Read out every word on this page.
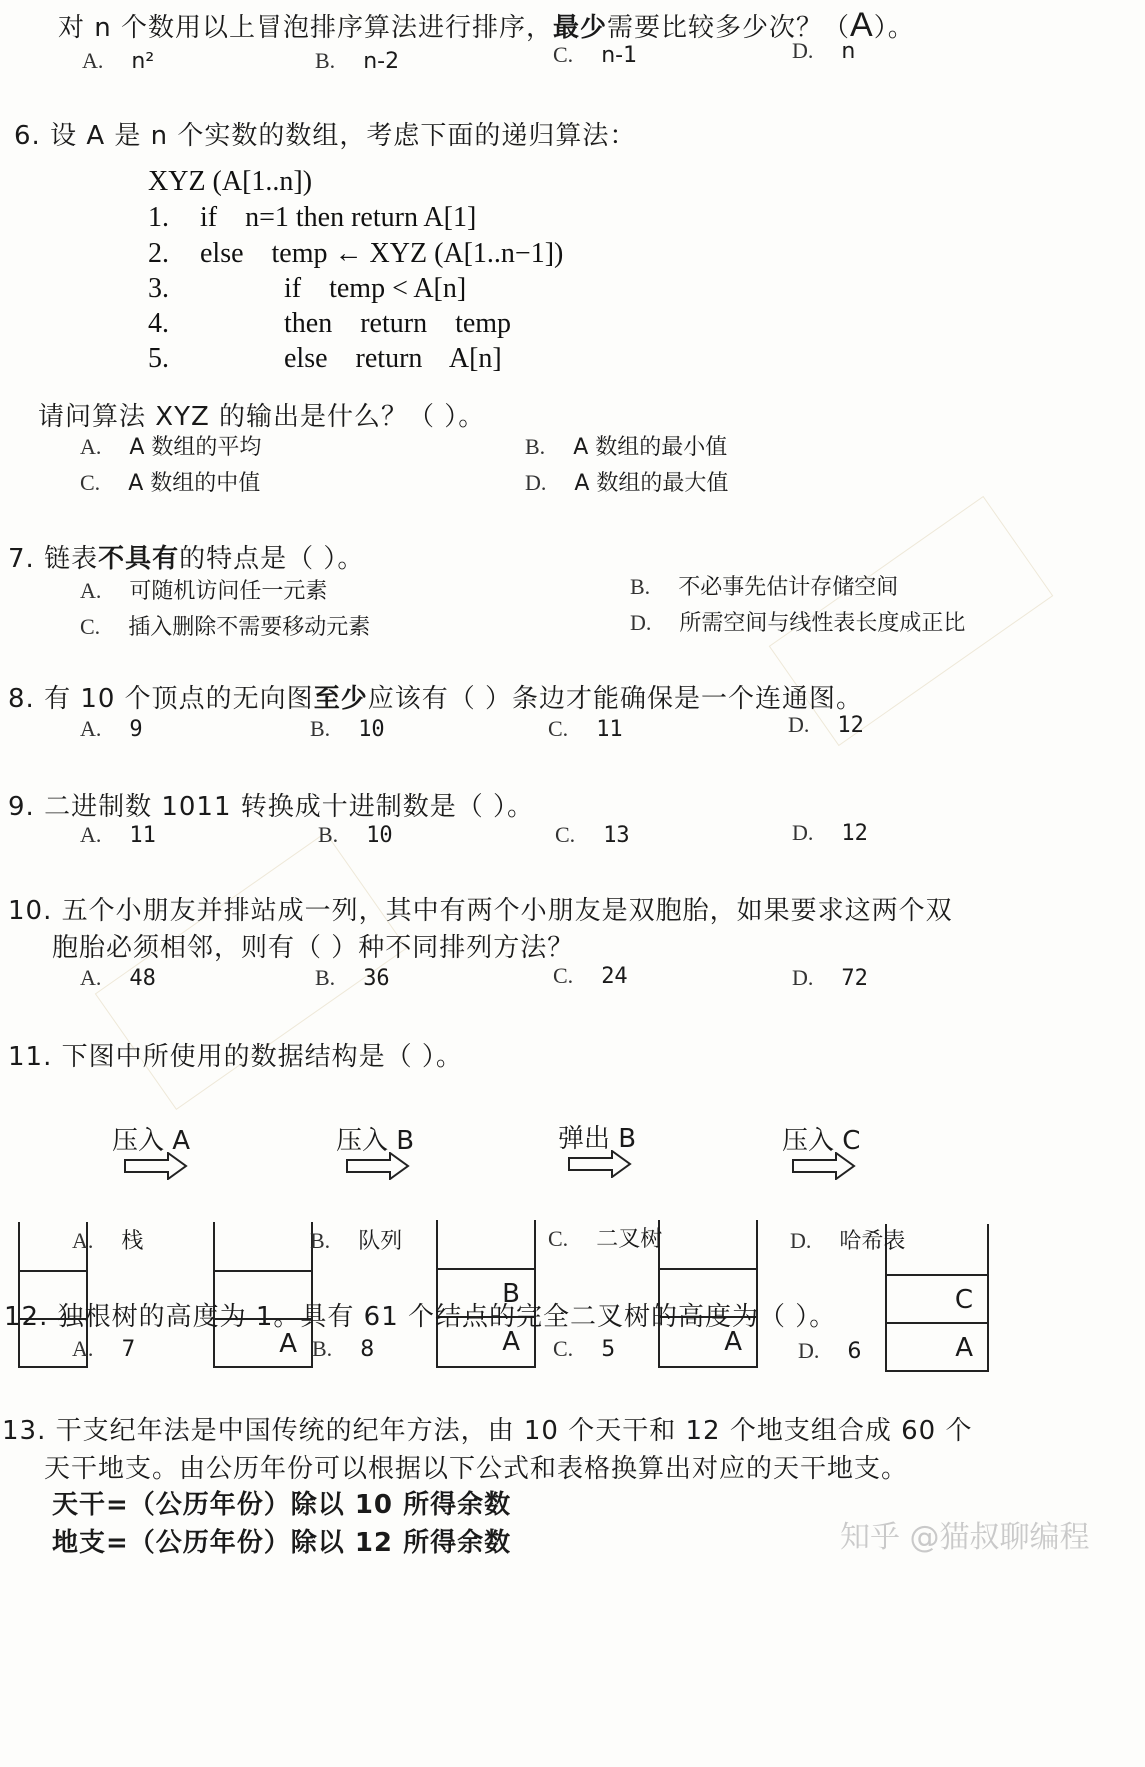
对 n 个数用以上冒泡排序算法进行排序，最少需要比较多少次？（A）。
A. n²	B. n-2	C. n-1	D. n
6. 设 A 是 n 个实数的数组，考虑下面的递归算法：
XYZ (A[1..n])
1. if    n=1 then return A[1]
2. else    temp ← XYZ (A[1..n−1])
3.            if    temp < A[n]
4.            then    return    temp
5.            else    return    A[n]
请问算法 XYZ 的输出是什么？（ ）。
A. A 数组的平均	B. A 数组的最小值
C. A 数组的中值	D. A 数组的最大值
7. 链表不具有的特点是（ ）。
A. 可随机访问任一元素	B. 不必事先估计存储空间
C. 插入删除不需要移动元素	D. 所需空间与线性表长度成正比
8. 有 10 个顶点的无向图至少应该有（ ）条边才能确保是一个连通图。
A. 9	B. 10	C. 11	D. 12
9. 二进制数 1011 转换成十进制数是（ ）。
A. 11	B. 10	C. 13	D. 12
10. 五个小朋友并排站成一列，其中有两个小朋友是双胞胎，如果要求这两个双
胞胎必须相邻，则有（ ）种不同排列方法？
A. 48	B. 36	C. 24	D. 72
11. 下图中所使用的数据结构是（ ）。
压入 A
A
压入 B
B
A
弹出 B
A
压入 C
C
A
A. 栈	B. 队列	C. 二叉树	D. 哈希表
12. 独根树的高度为 1。具有 61 个结点的完全二叉树的高度为（ ）。
A. 7	B. 8	C. 5	D. 6
13. 干支纪年法是中国传统的纪年方法，由 10 个天干和 12 个地支组合成 60 个
天干地支。由公历年份可以根据以下公式和表格换算出对应的天干地支。
天干=（公历年份）除以 10 所得余数
地支=（公历年份）除以 12 所得余数	知乎 @猫叔聊编程
